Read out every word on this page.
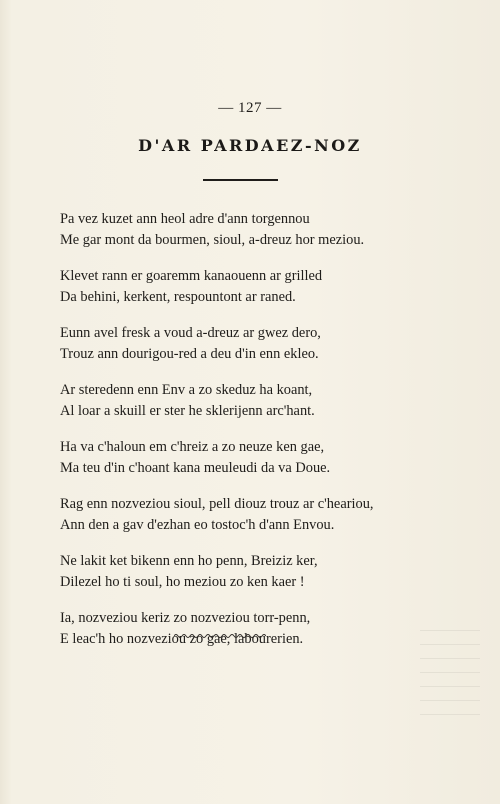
— 127 —
D'AR PARDAEZ-NOZ
Pa vez kuzet ann heol adre d'ann torgennou
Me gar mont da bourmen, sioul, a-dreuz hor meziou.
Klevet rann er goaremm kanaouenn ar grilled
Da behini, kerkent, respountont ar raned.
Eunn avel fresk a voud a-dreuz ar gwez dero,
Trouz ann dourigou-red a deu d'in enn ekleo.
Ar steredenn enn Env a zo skeduz ha koant,
Al loar a skuill er ster he sklerijenn arc'hant.
Ha va c'haloun em c'hreiz a zo neuze ken gae,
Ma teu d'in c'hoant kana meuleudi da va Doue.
Rag enn nozveziou sioul, pell diouz trouz ar c'heariou,
Ann den a gav d'ezhan eo tostoc'h d'ann Envou.
Ne lakit ket bikenn enn ho penn, Breiziz ker,
Dilezel ho ti soul, ho meziou zo ken kaer !
Ia, nozveziou keriz zo nozveziou torr-penn,
E leac'h ho nozveziou zo gae, labourerien.
